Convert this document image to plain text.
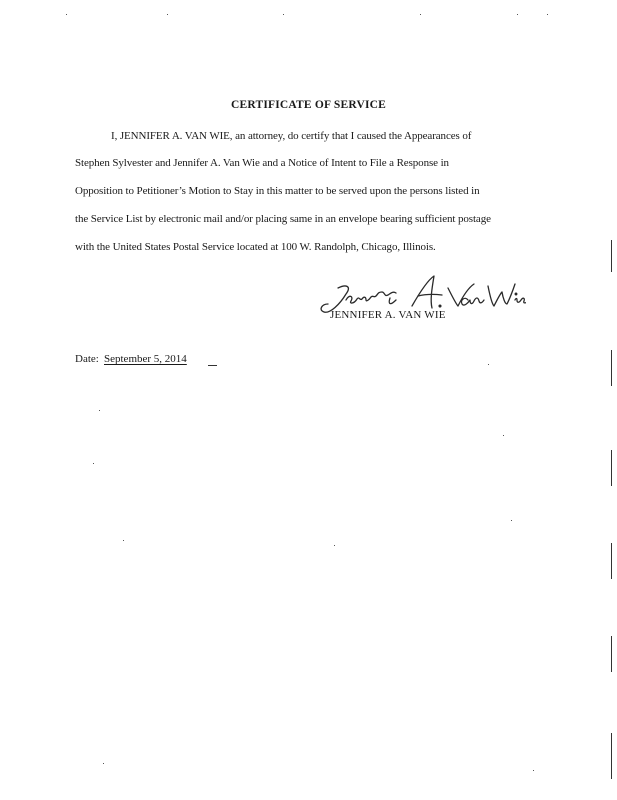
CERTIFICATE OF SERVICE
I, JENNIFER A. VAN WIE, an attorney, do certify that I caused the Appearances of
Stephen Sylvester and Jennifer A. Van Wie and a Notice of Intent to File a Response in
Opposition to Petitioner’s Motion to Stay in this matter to be served upon the persons listed in
the Service List by electronic mail and/or placing same in an envelope bearing sufficient postage
with the United States Postal Service located at 100 W. Randolph, Chicago, Illinois.
JENNIFER A. VAN WIE
Date: September 5, 2014
